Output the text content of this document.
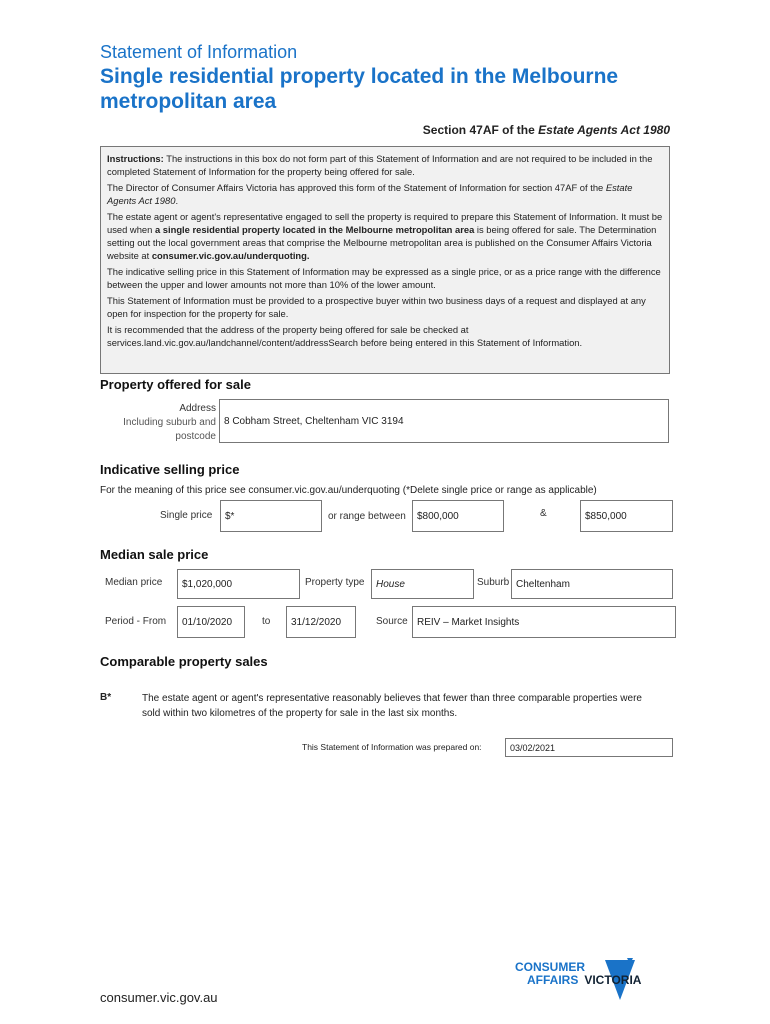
Statement of Information
Single residential property located in the Melbourne metropolitan area
Section 47AF of the Estate Agents Act 1980

Instructions: The instructions in this box do not form part of this Statement of Information and are not required to be included in the completed Statement of Information for the property being offered for sale.

The Director of Consumer Affairs Victoria has approved this form of the Statement of Information for section 47AF of the Estate Agents Act 1980.

The estate agent or agent's representative engaged to sell the property is required to prepare this Statement of Information. It must be used when a single residential property located in the Melbourne metropolitan area is being offered for sale. The Determination setting out the local government areas that comprise the Melbourne metropolitan area is published on the Consumer Affairs Victoria website at consumer.vic.gov.au/underquoting.

The indicative selling price in this Statement of Information may be expressed as a single price, or as a price range with the difference between the upper and lower amounts not more than 10% of the lower amount.

This Statement of Information must be provided to a prospective buyer within two business days of a request and displayed at any open for inspection for the property for sale.

It is recommended that the address of the property being offered for sale be checked at services.land.vic.gov.au/landchannel/content/addressSearch before being entered in this Statement of Information.

Property offered for sale
Address
Including suburb and
postcode
8 Cobham Street, Cheltenham VIC 3194
Indicative selling price
For the meaning of this price see consumer.vic.gov.au/underquoting (*Delete single price or range as applicable)
Single price $*	or range between $800,000	&	$850,000
Median sale price
Median price $1,020,000	Property type House	Suburb Cheltenham
Period - From 01/10/2020	to 31/12/2020	Source REIV – Market Insights
Comparable property sales
B*	The estate agent or agent's representative reasonably believes that fewer than three comparable properties were sold within two kilometres of the property for sale in the last six months.
This Statement of Information was prepared on:	03/02/2021
CONSUMER
AFFAIRS VICTORIA
consumer.vic.gov.au
